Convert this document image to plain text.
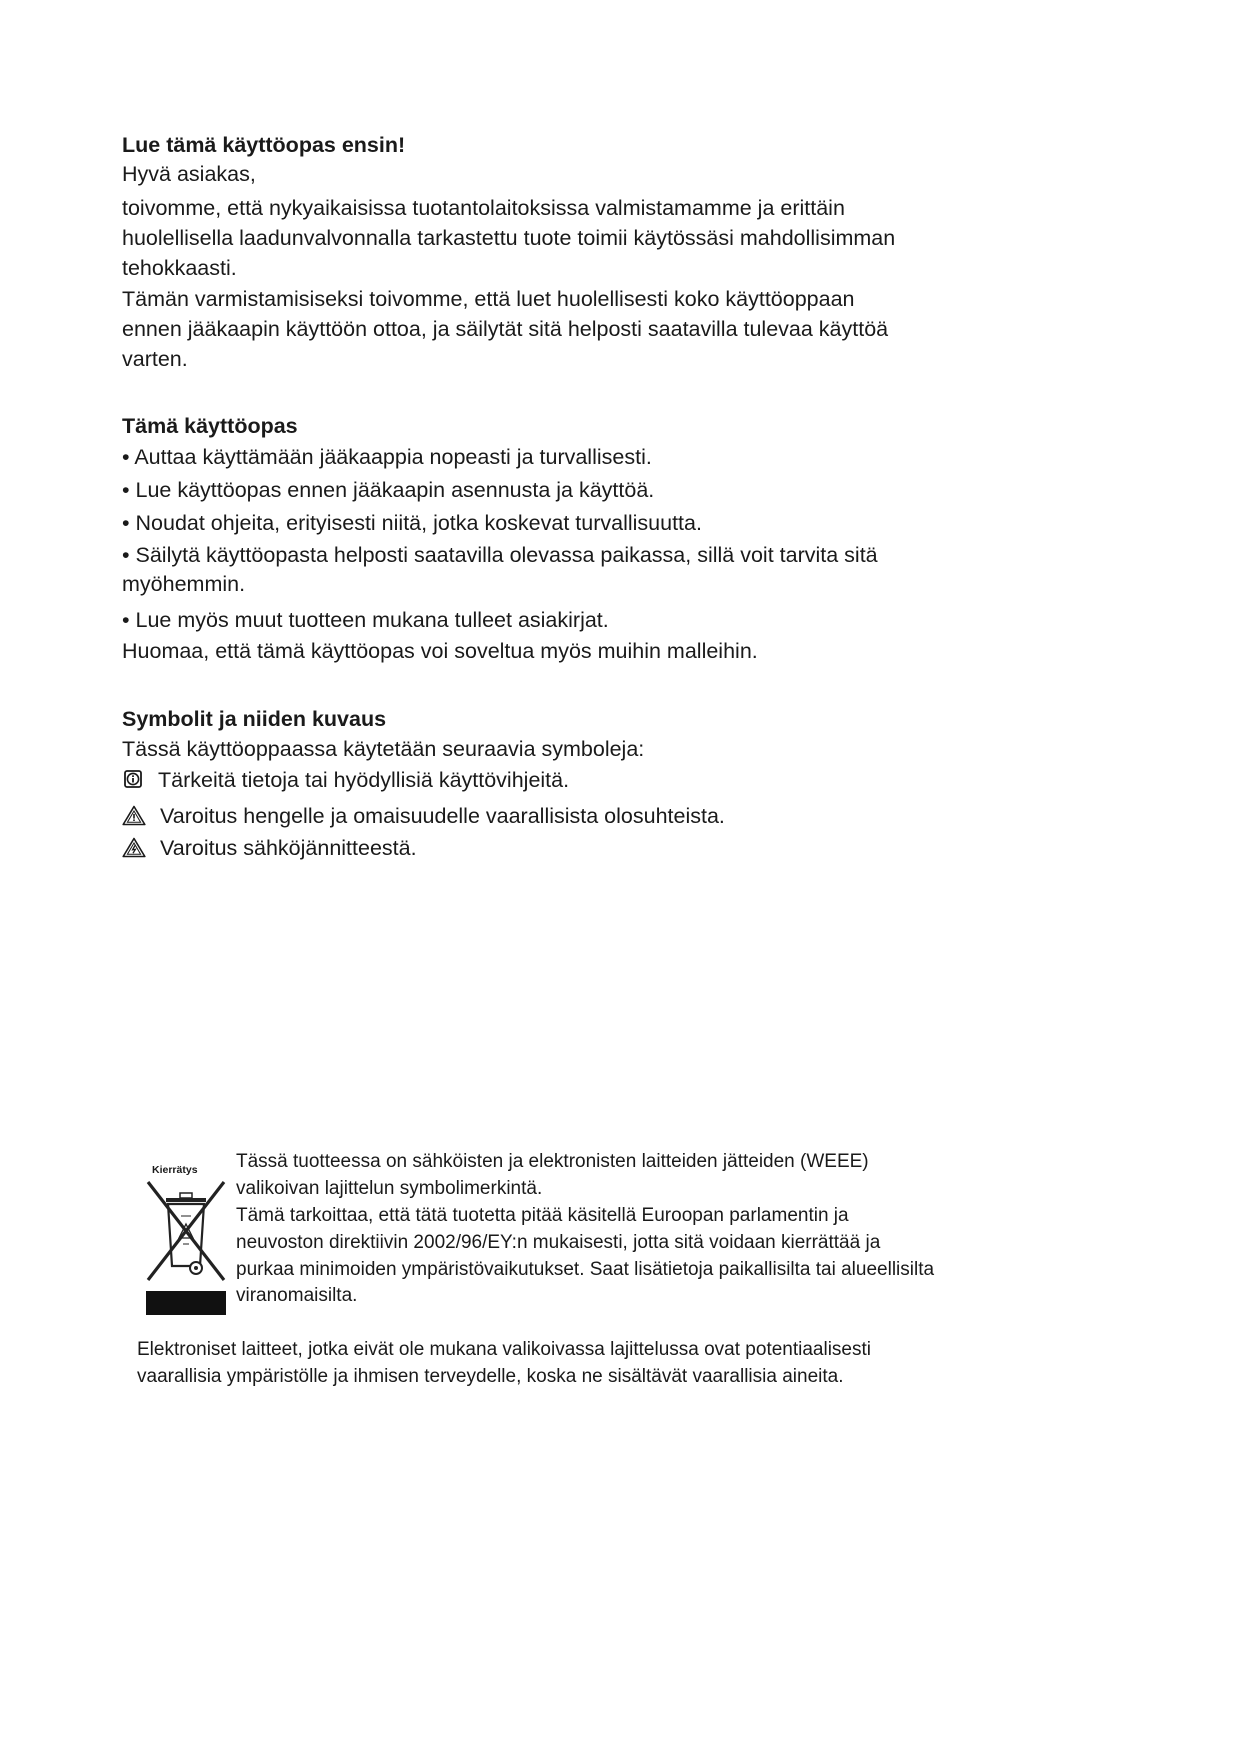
Lue tämä käyttöopas ensin!
Hyvä asiakas,
toivomme, että nykyaikaisissa tuotantolaitoksissa valmistamamme ja erittäin
huolellisella laadunvalvonnalla tarkastettu tuote toimii käytössäsi mahdollisimman
tehokkaasti.
Tämän varmistamisiseksi toivomme, että luet huolellisesti koko käyttöoppaan
ennen jääkaapin käyttöön ottoa, ja säilytät sitä helposti saatavilla tulevaa käyttöä
varten.
Tämä käyttöopas
• Auttaa käyttämään jääkaappia nopeasti ja turvallisesti.
• Lue käyttöopas ennen jääkaapin asennusta ja käyttöä.
• Noudat ohjeita, erityisesti niitä, jotka koskevat turvallisuutta.
• Säilytä käyttöopasta helposti saatavilla olevassa paikassa, sillä voit tarvita sitä
myöhemmin.
• Lue myös muut tuotteen mukana tulleet asiakirjat.
Huomaa, että tämä käyttöopas voi soveltua myös muihin malleihin.
Symbolit ja niiden kuvaus
Tässä käyttöoppaassa käytetään seuraavia symboleja:
Tärkeitä tietoja tai hyödyllisiä käyttövihjeitä.
Varoitus hengelle ja omaisuudelle vaarallisista olosuhteista.
Varoitus sähköjännitteestä.
Kierrätys Tässä tuotteessa on sähköisten ja elektronisten laitteiden jätteiden (WEEE)
valikoivan lajittelun symbolimerkintä.
Tämä tarkoittaa, että tätä tuotetta pitää käsitellä Euroopan parlamentin ja
neuvoston direktiivin 2002/96/EY:n mukaisesti, jotta sitä voidaan kierrättää ja
purkaa minimoiden ympäristövaikutukset. Saat lisätietoja paikallisilta tai alueellisilta
viranomaisilta.
Elektroniset laitteet, jotka eivät ole mukana valikoivassa lajittelussa ovat potentiaalisesti
vaarallisia ympäristölle ja ihmisen terveydelle, koska ne sisältävät vaarallisia aineita.
